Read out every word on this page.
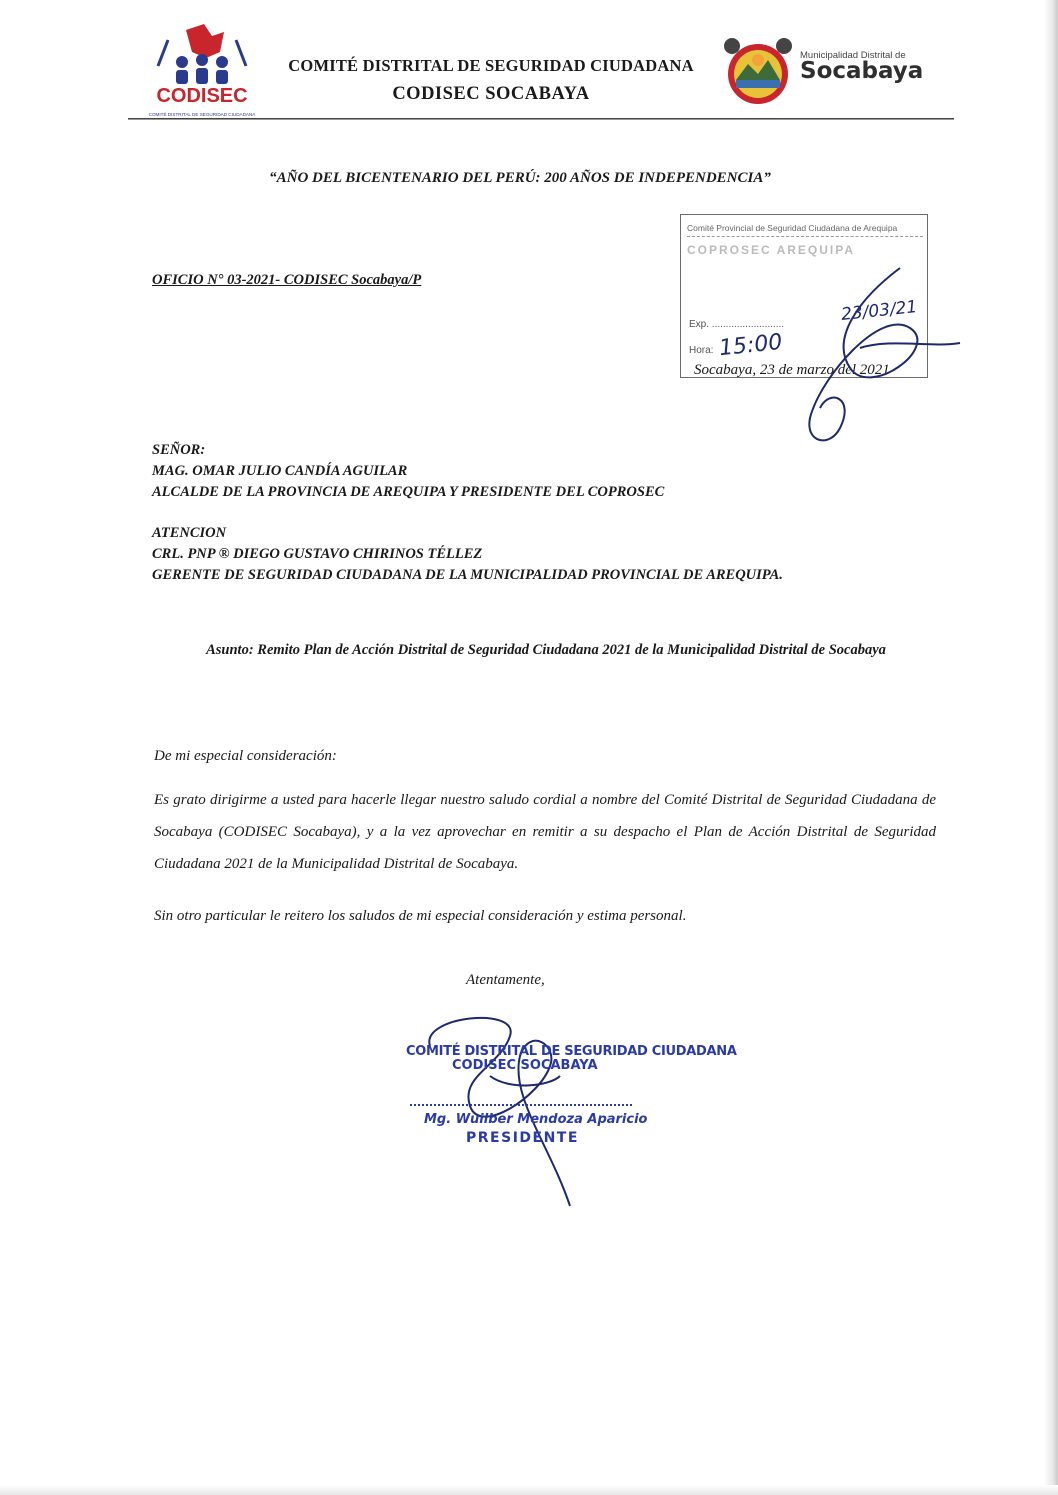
CODISEC
COMITÉ DISTRITAL DE SEGURIDAD CIUDADANA
COMITÉ DISTRITAL DE SEGURIDAD CIUDADANA
CODISEC SOCABAYA
Municipalidad Distrital de
Socabaya
“AÑO DEL BICENTENARIO DEL PERÚ: 200 AÑOS DE INDEPENDENCIA”
Comité Provincial de Seguridad Ciudadana de Arequipa
COPROSEC AREQUIPA
Exp. ..........................
Hora:
23/03/21
15:00
OFICIO N° 03-2021- CODISEC Socabaya/P
Socabaya, 23 de marzo del 2021
SEÑOR:
MAG. OMAR JULIO CANDÍA AGUILAR
ALCALDE DE LA PROVINCIA DE AREQUIPA Y PRESIDENTE DEL COPROSEC
ATENCION
CRL. PNP ® DIEGO GUSTAVO CHIRINOS TÉLLEZ
GERENTE DE SEGURIDAD CIUDADANA DE LA MUNICIPALIDAD PROVINCIAL DE AREQUIPA.
Asunto: Remito Plan de Acción Distrital de Seguridad Ciudadana 2021 de la Municipalidad Distrital de Socabaya
De mi especial consideración:
Es grato dirigirme a usted para hacerle llegar nuestro saludo cordial a nombre del Comité Distrital de Seguridad Ciudadana de Socabaya (CODISEC Socabaya), y a la vez aprovechar en remitir a su despacho el Plan de Acción Distrital de Seguridad Ciudadana 2021 de la Municipalidad Distrital de Socabaya.
Sin otro particular le reitero los saludos de mi especial consideración y estima personal.
Atentamente,
COMITÉ DISTRITAL DE SEGURIDAD CIUDADANA
CODISEC SOCABAYA
Mg. Wuilber Mendoza Aparicio
PRESIDENTE
